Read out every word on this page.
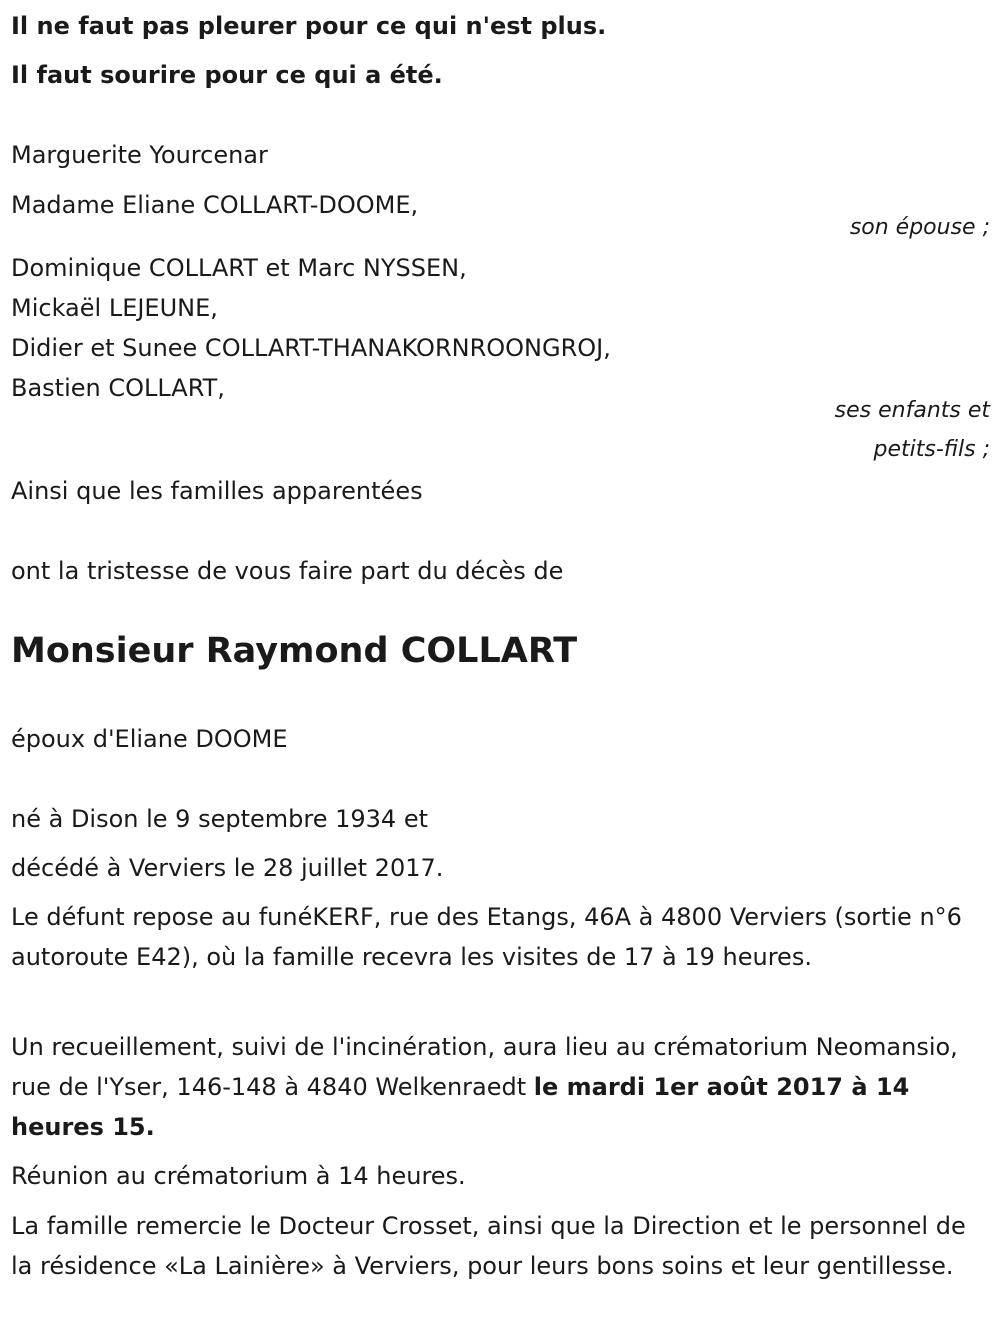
Il ne faut pas pleurer pour ce qui n'est plus.
Il faut sourire pour ce qui a été.
Marguerite Yourcenar
Madame Eliane COLLART-DOOME,
son épouse ;
Dominique COLLART et Marc NYSSEN,
Mickaël LEJEUNE,
Didier et Sunee COLLART-THANAKORNROONGROJ,
Bastien COLLART,
ses enfants et
petits-fils ;
Ainsi que les familles apparentées
ont la tristesse de vous faire part du décès de
Monsieur Raymond COLLART
époux d'Eliane DOOME
né à Dison le 9 septembre 1934 et
décédé à Verviers le 28 juillet 2017.

Le défunt repose au funéKERF, rue des Etangs, 46A à 4800 Verviers (sortie n°6 autoroute E42), où la famille recevra les visites de 17 à 19 heures.

Un recueillement, suivi de l'incinération, aura lieu au crématorium Neomansio, rue de l'Yser, 146-148 à 4840 Welkenraedt le mardi 1er août 2017 à 14 heures 15.

Réunion au crématorium à 14 heures.

La famille remercie le Docteur Crosset, ainsi que la Direction et le personnel de la résidence «La Lainière» à Verviers, pour leurs bons soins et leur gentillesse.
